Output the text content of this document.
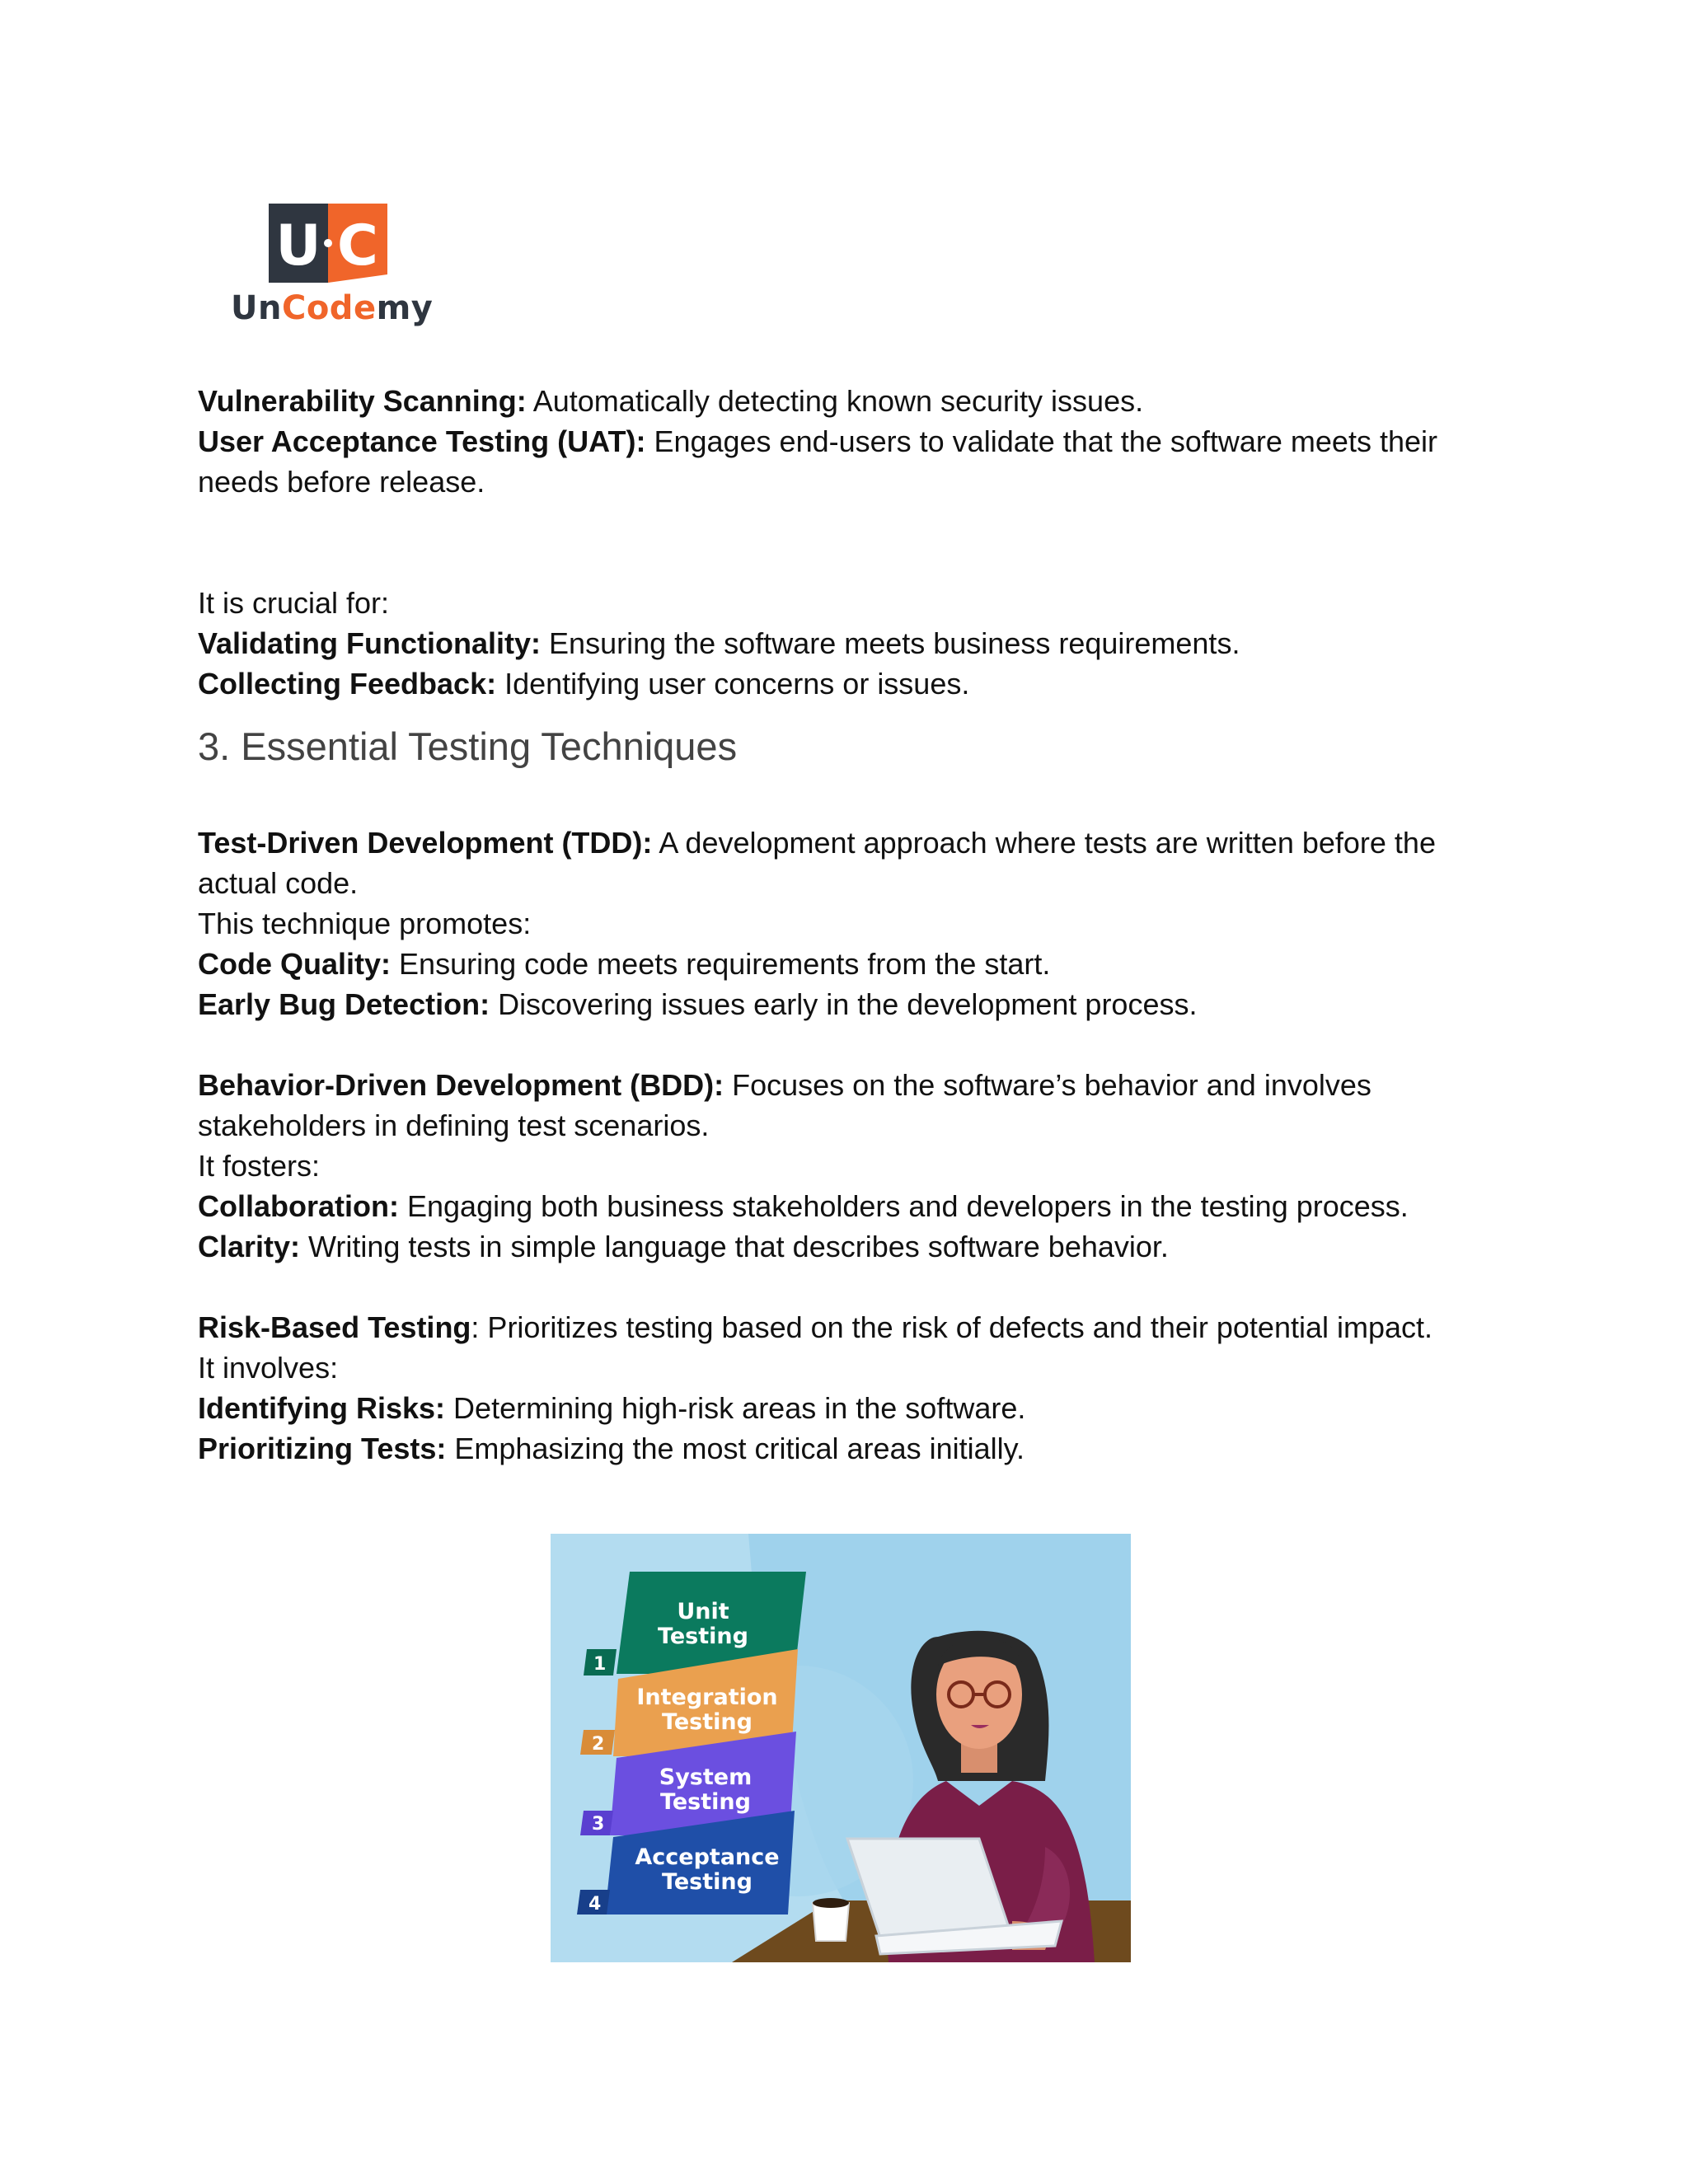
U C
UnCodemy
Vulnerability Scanning: Automatically detecting known security issues.
User Acceptance Testing (UAT): Engages end-users to validate that the software meets their
needs before release.
It is crucial for:
Validating Functionality: Ensuring the software meets business requirements.
Collecting Feedback: Identifying user concerns or issues.
3. Essential Testing Techniques
Test-Driven Development (TDD): A development approach where tests are written before the
actual code.
This technique promotes:
Code Quality: Ensuring code meets requirements from the start.
Early Bug Detection: Discovering issues early in the development process.
Behavior-Driven Development (BDD): Focuses on the software’s behavior and involves
stakeholders in defining test scenarios.
It fosters:
Collaboration: Engaging both business stakeholders and developers in the testing process.
Clarity: Writing tests in simple language that describes software behavior.
Risk-Based Testing: Prioritizes testing based on the risk of defects and their potential impact.
It involves:
Identifying Risks: Determining high-risk areas in the software.
Prioritizing Tests: Emphasizing the most critical areas initially.
1
Unit
Testing
2
Integration
Testing
3
System
Testing
4
Acceptance
Testing
